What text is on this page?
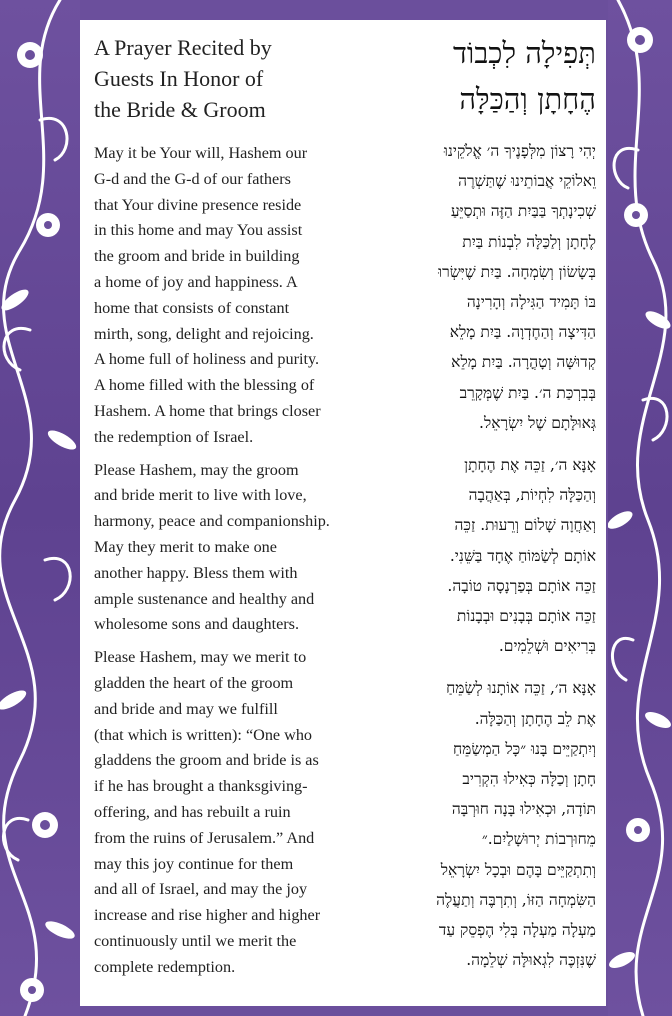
A Prayer Recited by
Guests In Honor of
the Bride & Groom
May it be Your will, Hashem our
G-d and the G-d of our fathers
that Your divine presence reside
in this home and may You assist
the groom and bride in building
a home of joy and happiness. A
home that consists of constant
mirth, song, delight and rejoicing.
A home full of holiness and purity.
A home filled with the blessing of
Hashem. A home that brings closer
the redemption of Israel.
Please Hashem, may the groom
and bride merit to live with love,
harmony, peace and companionship.
May they merit to make one
another happy. Bless them with
ample sustenance and healthy and
wholesome sons and daughters.
Please Hashem, may we merit to
gladden the heart of the groom
and bride and may we fulfill
(that which is written): “One who
gladdens the groom and bride is as
if he has brought a thanksgiving-
offering, and has rebuilt a ruin
from the ruins of Jerusalem.” And
may this joy continue for them
and all of Israel, and may the joy
increase and rise higher and higher
continuously until we merit the
complete redemption.
תְּפִילָה לִכְבוֹד
הֶחָתָן וְהַכַּלָּה
יְהִי רָצוֹן מִלְּפָנֶיךָ ה׳ אֱלֹקֵינוּ
וֵאלוֹקֵי אֲבוֹתֵינוּ שֶׁתַּשְׁרֶה
שְׁכִינָתְךָ בַּבַּיִת הַזֶּה וּתְסַיֵּעַ
לֶחָתָן וְלַכַּלָּה לִבְנוֹת בַּיִת
בְּשָׂשׂוֹן וְשִׂמְחָה. בַּיִת שֶׁיִּשְׂרוּ
בּוֹ תָּמִיד הַגִּילָה וְהָרִינָה
הַדִּיצָה וְהַחֶדְוָה. בַּיִת מָלֵא
קְדוּשָּׁה וְטָהֳרָה. בַּיִת מָלֵא
בְּבִרְכַּת ה׳. בַּיִת שֶׁמְּקָרֵב
גְּאוּלָּתָם שֶׁל יִשְׂרָאֵל.
אָנָּא ה׳, זַכֵּה אֶת הֶחָתָן
וְהַכַּלָּה לִחְיוֹת, בְּאַהֲבָה
וְאַחֲוָה שָׁלוֹם וְרֵעוּת. זַכֵּה
אוֹתָם לְשַׂמּוֹחַ אֶחָד בַּשֵּׁנִי.
זַכֵּה אוֹתָם בְּפַרְנָסָה טוֹבָה.
זַכֵּה אוֹתָם בְּבָנִים וּבְבָנוֹת
בְּרִיאִים וּשְׁלֵמִים.
אָנָּא ה׳, זַכֵּה אוֹתָנוּ לְשַׂמֵּחַ
אֶת לֵב הֶחָתָן וְהַכַּלָּה.
וְיִתְקַיֵּים בָּנוּ ״כָּל הַמְשַׂמֵּחַ
חָתָן וְכַלָּה כְּאִילוּ הִקְרִיב
תּוֹדָה, וּכְאִילוּ בָּנָה חוּרְבָּה
מֵחוּרְבוֹת יְרוּשָׁלַיִם.״
וְתִתְקַיֵּים בָּהֶם וּבְכָל יִשְׂרָאֵל
הַשִּׂמְחָה הַזּוֹ, וְתִרְבֶּה וְתַעֲלֶה
מַעְלָה מַעְלָה בְּלִי הֶפְסֵק עַד
שֶׁנִּזְכֶּה לִגְאוּלָּה שְׁלֵמָה.
